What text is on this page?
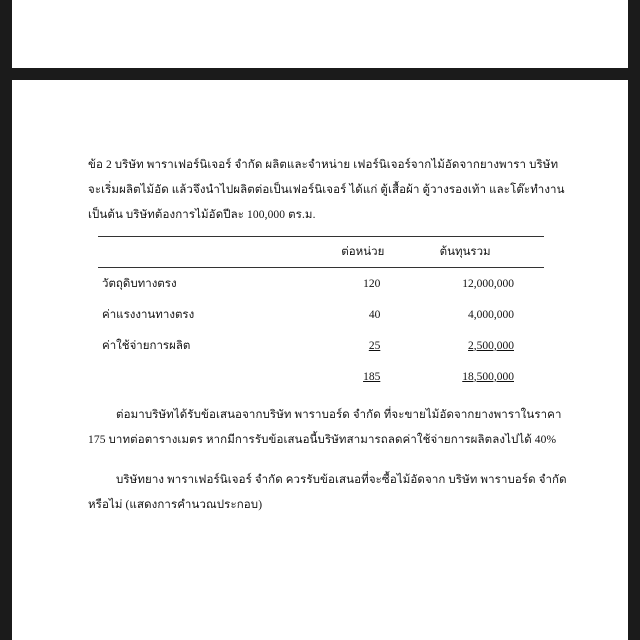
ข้อ 2 บริษัท พาราเฟอร์นิเจอร์ จำกัด ผลิตและจำหน่าย เฟอร์นิเจอร์จากไม้อัดจากยางพารา บริษัทจะเริ่มผลิตไม้อัด แล้วจึงนำไปผลิตต่อเป็นเฟอร์นิเจอร์ ได้แก่ ตู้เสื้อผ้า ตู้วางรองเท้า และโต๊ะทำงาน เป็นต้น บริษัทต้องการไม้อัดปีละ 100,000 ตร.ม.

	ต่อหน่วย	ต้นทุนรวม
วัตถุดิบทางตรง	120	12,000,000
ค่าแรงงานทางตรง	40	4,000,000
ค่าใช้จ่ายการผลิต	25	2,500,000
	185	18,500,000

ต่อมาบริษัทได้รับข้อเสนอจากบริษัท พาราบอร์ด จำกัด ที่จะขายไม้อัดจากยางพาราในราคา 175 บาทต่อตารางเมตร หากมีการรับข้อเสนอนี้บริษัทสามารถลดค่าใช้จ่ายการผลิตลงไปได้ 40%

บริษัทยาง พาราเฟอร์นิเจอร์ จำกัด ควรรับข้อเสนอที่จะซื้อไม้อัดจาก บริษัท พาราบอร์ด จำกัด หรือไม่ (แสดงการคำนวณประกอบ)
